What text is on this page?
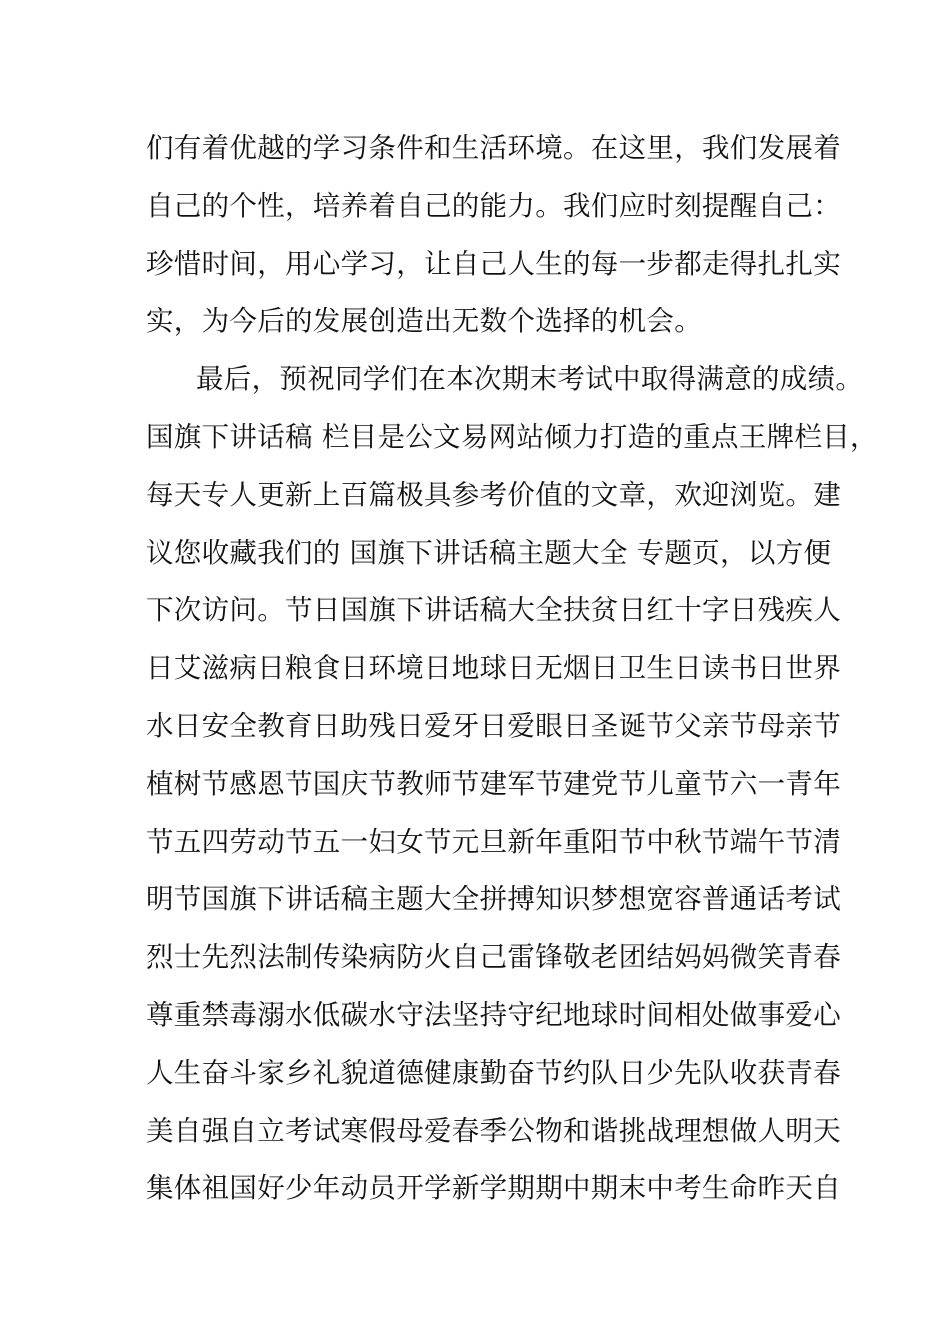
们有着优越的学习条件和生活环境。在这里，我们发展着
自己的个性，培养着自己的能力。我们应时刻提醒自己：
珍惜时间，用心学习，让自己人生的每一步都走得扎扎实
实，为今后的发展创造出无数个选择的机会。
最后，预祝同学们在本次期末考试中取得满意的成绩。
国旗下讲话稿 栏目是公文易网站倾力打造的重点王牌栏目，
每天专人更新上百篇极具参考价值的文章，欢迎浏览。建
议您收藏我们的 国旗下讲话稿主题大全 专题页，以方便
下次访问。节日国旗下讲话稿大全扶贫日红十字日残疾人
日艾滋病日粮食日环境日地球日无烟日卫生日读书日世界
水日安全教育日助残日爱牙日爱眼日圣诞节父亲节母亲节
植树节感恩节国庆节教师节建军节建党节儿童节六一青年
节五四劳动节五一妇女节元旦新年重阳节中秋节端午节清
明节国旗下讲话稿主题大全拼搏知识梦想宽容普通话考试
烈士先烈法制传染病防火自己雷锋敬老团结妈妈微笑青春
尊重禁毒溺水低碳水守法坚持守纪地球时间相处做事爱心
人生奋斗家乡礼貌道德健康勤奋节约队日少先队收获青春
美自强自立考试寒假母爱春季公物和谐挑战理想做人明天
集体祖国好少年动员开学新学期期中期末中考生命昨天自
